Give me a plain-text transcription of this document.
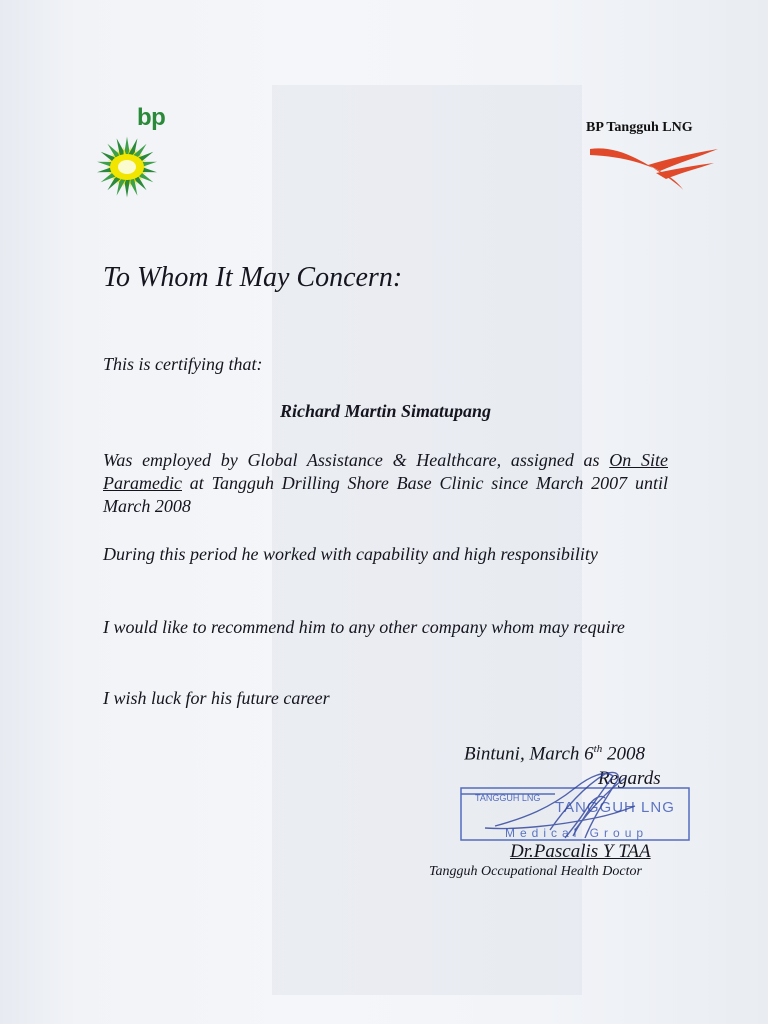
bp	BP Tangguh LNG
To Whom It May Concern:
This is certifying that:
Richard Martin Simatupang
Was employed by Global Assistance & Healthcare, assigned as On Site Paramedic at Tangguh Drilling Shore Base Clinic since March 2007 until March 2008
During this period he worked with capability and high responsibility
I would like to recommend him to any other company whom may require
I wish luck for his future career
Bintuni, March 6th 2008
Regards
TANGGUH LNG
TANGGUH LNG
Medical Group
Dr.Pascalis Y TAA
Tangguh Occupational Health Doctor
